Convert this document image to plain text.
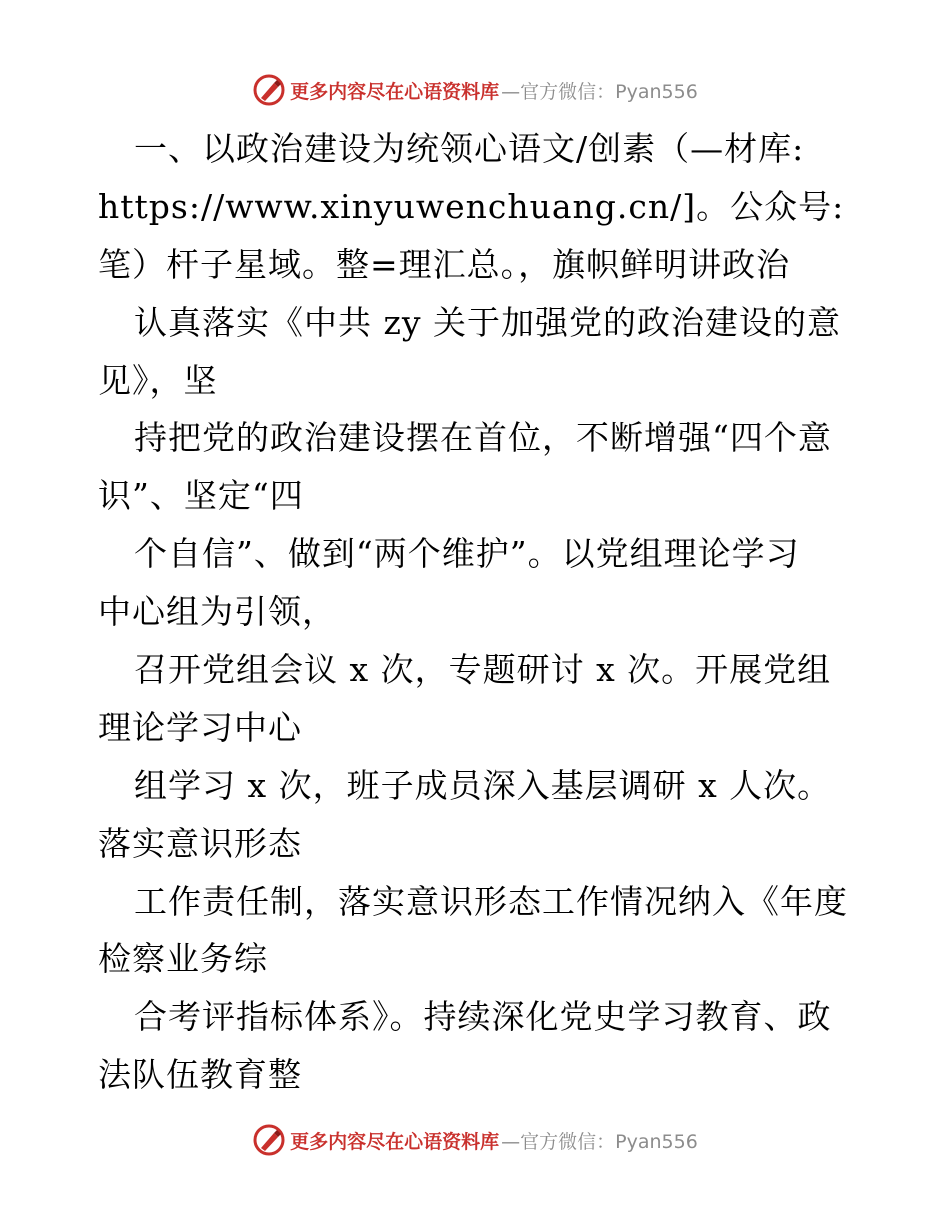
更多内容尽在心语资料库 —官方微信：Pyan556
一、以政治建设为统领心语文/创素（—材库:
https://www.xinyuwenchuang.cn/]。公众号:
笔）杆子星域。整=理汇总。，旗帜鲜明讲政治
认真落实《中共 zy 关于加强党的政治建设的意
见》，坚
持把党的政治建设摆在首位，不断增强“四个意
识”、坚定“四
个自信”、做到“两个维护”。以党组理论学习
中心组为引领，
召开党组会议 x 次，专题研讨 x 次。开展党组
理论学习中心
组学习 x 次，班子成员深入基层调研 x 人次。
落实意识形态
工作责任制，落实意识形态工作情况纳入《年度
检察业务综
合考评指标体系》。持续深化党史学习教育、政
法队伍教育整
更多内容尽在心语资料库 —官方微信：Pyan556
